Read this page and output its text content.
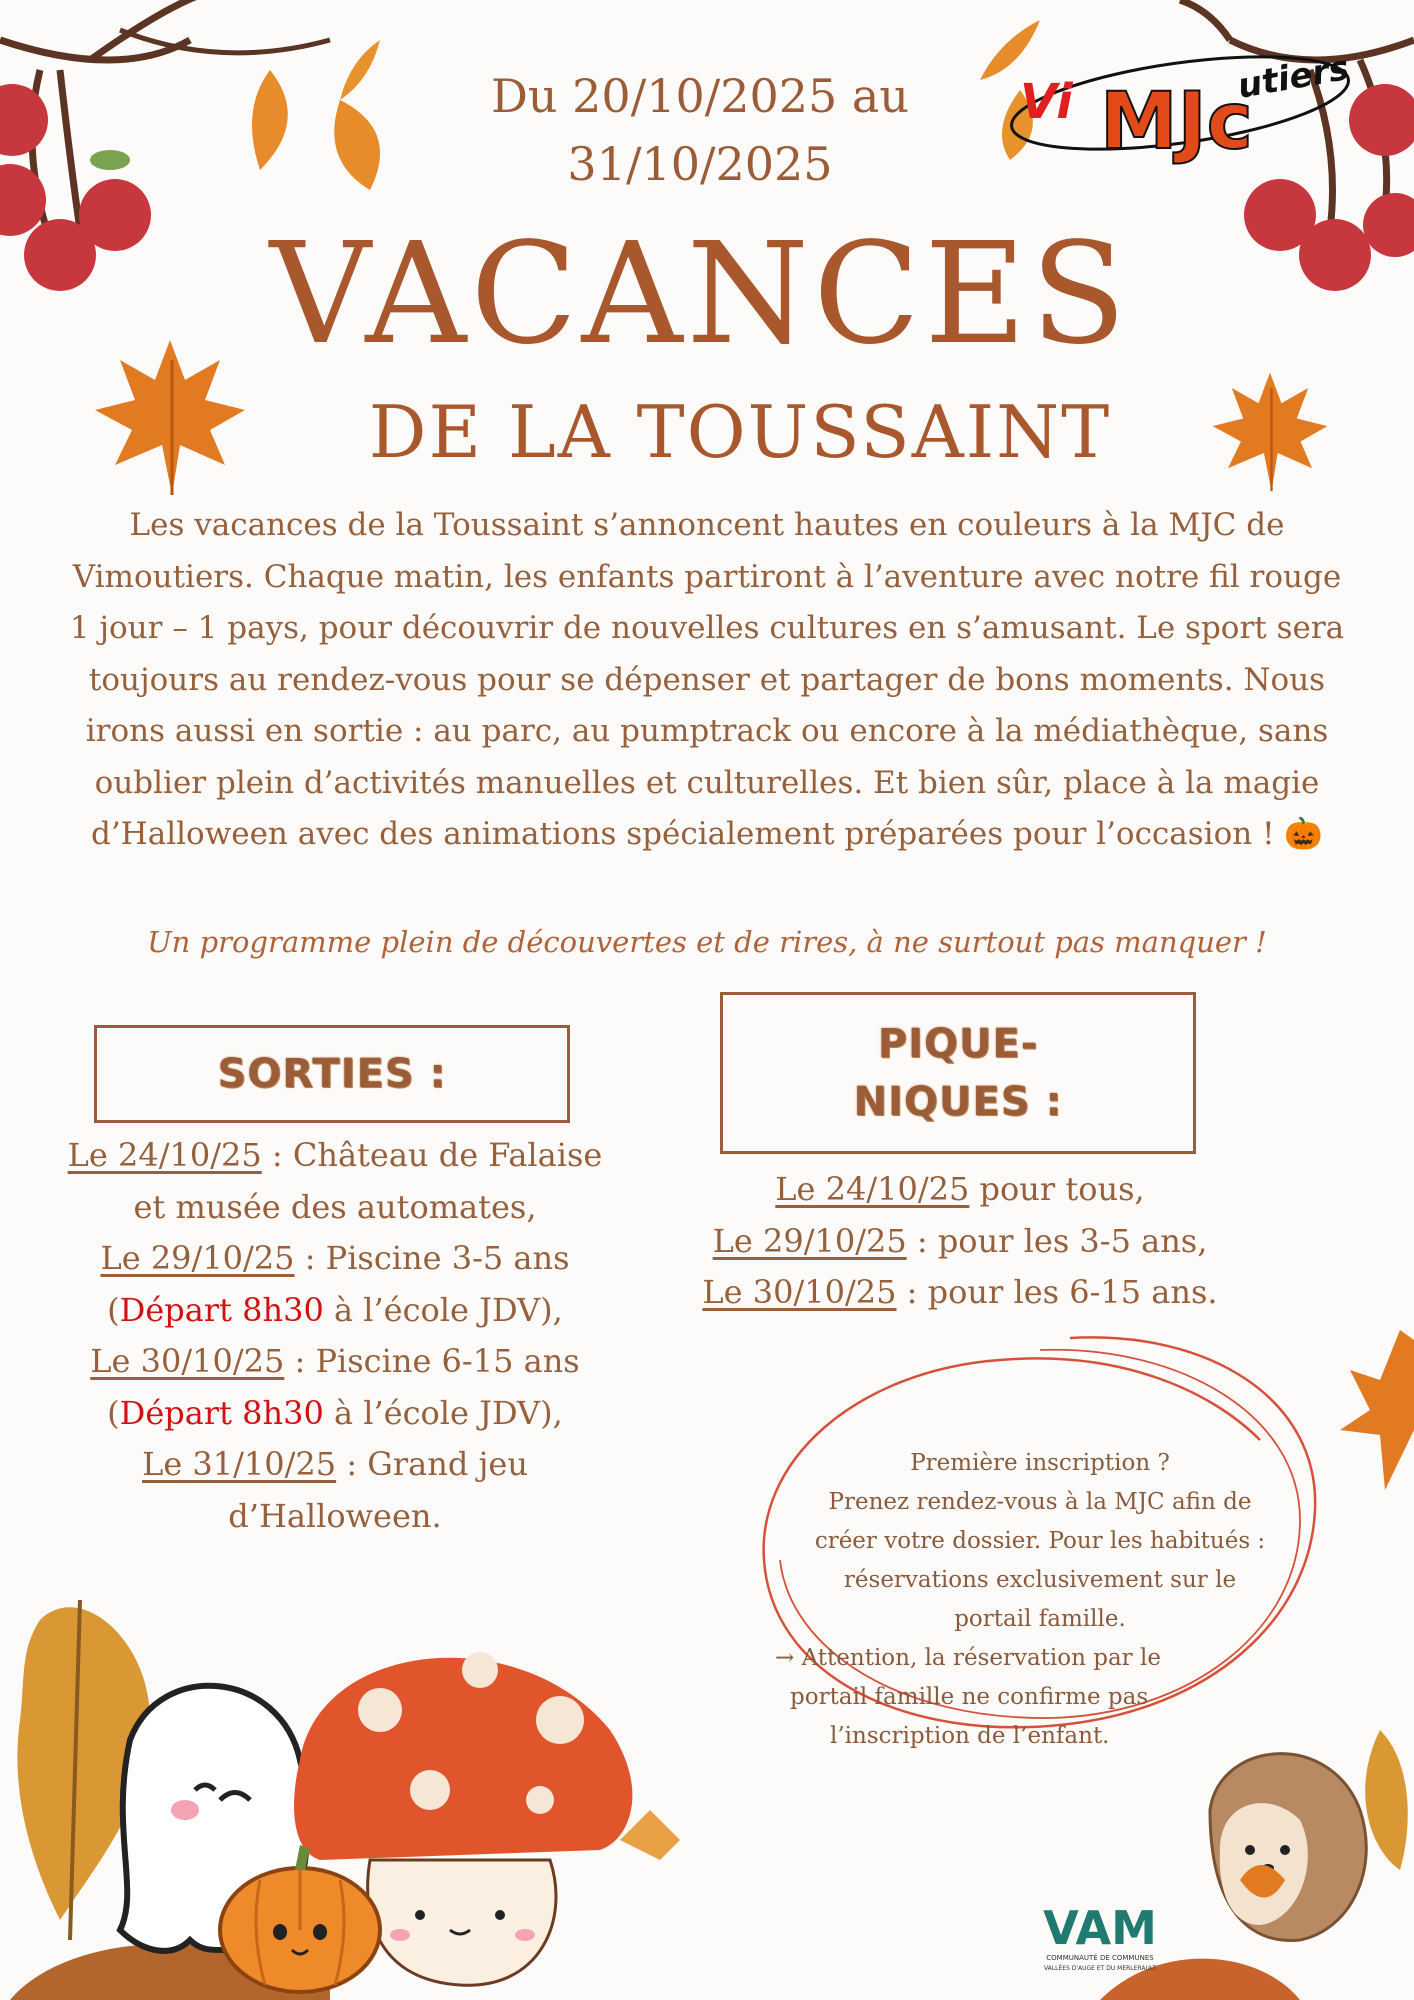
Vi MJc
utiers
Du 20/10/2025 au
31/10/2025
VACANCES
DE LA TOUSSAINT
Les vacances de la Toussaint s’annoncent hautes en couleurs à la MJC de Vimoutiers. Chaque matin, les enfants partiront à l’aventure avec notre fil rouge 1 jour – 1 pays, pour découvrir de nouvelles cultures en s’amusant. Le sport sera toujours au rendez-vous pour se dépenser et partager de bons moments. Nous irons aussi en sortie : au parc, au pumptrack ou encore à la médiathèque, sans oublier plein d’activités manuelles et culturelles. Et bien sûr, place à la magie d’Halloween avec des animations spécialement préparées pour l’occasion ! 🎃
Un programme plein de découvertes et de rires, à ne surtout pas manquer !
SORTIES :
PIQUE-
NIQUES :
Le 24/10/25 : Château de Falaise et musée des automates,
Le 29/10/25 : Piscine 3-5 ans
(Départ 8h30 à l’école JDV),
Le 30/10/25 : Piscine 6-15 ans
(Départ 8h30 à l’école JDV),
Le 31/10/25 : Grand jeu d’Halloween.
Le 24/10/25 pour tous,
Le 29/10/25 : pour les 3-5 ans,
Le 30/10/25 : pour les 6-15 ans.

Première inscription ?

Prenez rendez-vous à la MJC afin de

créer votre dossier. Pour les habitués :

réservations exclusivement sur le

portail famille.

→ Attention, la réservation par le

portail famille ne confirme pas

l’inscription de l’enfant.

VAM
COMMUNAUTÉ DE COMMUNES
VALLÉES D'AUGE ET DU MERLERAULT
